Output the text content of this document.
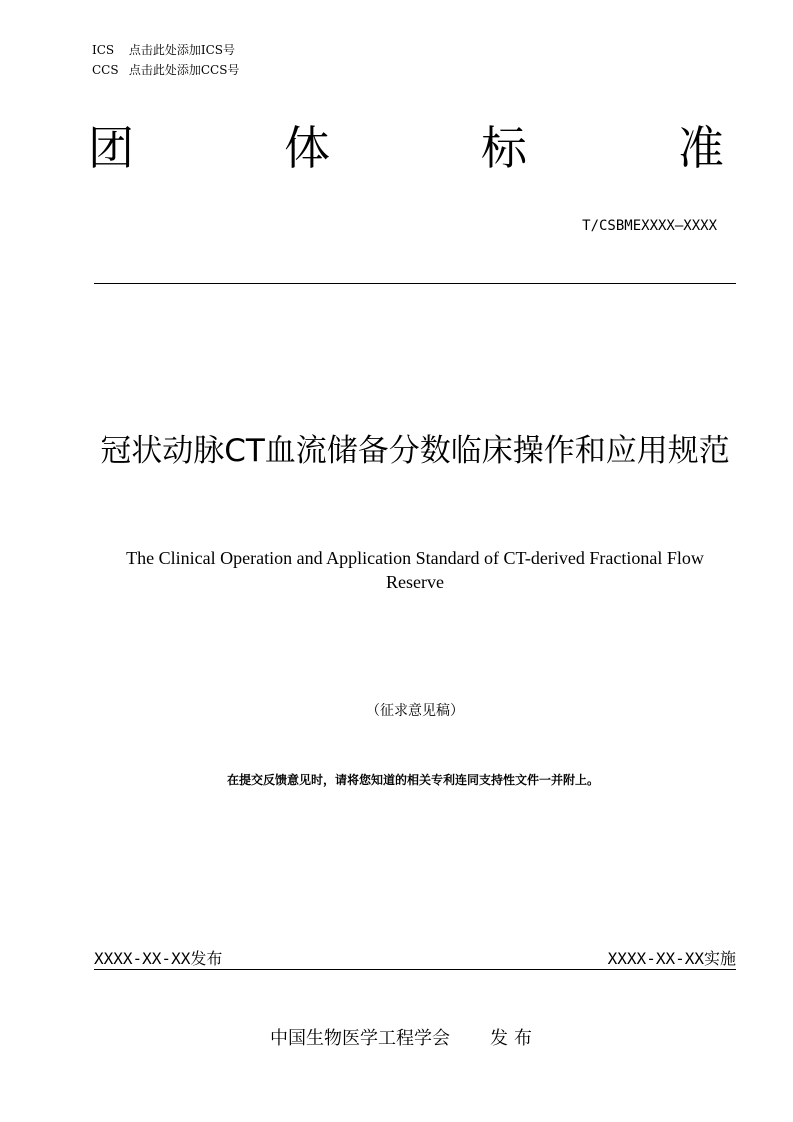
ICS 点击此处添加ICS号
CCS 点击此处添加CCS号
团	体	标	准
T/CSBMEXXXX—XXXX
冠状动脉CT血流储备分数临床操作和应用规范
The Clinical Operation and Application Standard of CT-derived Fractional Flow Reserve
（征求意见稿）
在提交反馈意见时，请将您知道的相关专利连同支持性文件一并附上。
XXXX-XX-XX发布	XXXX-XX-XX实施
中国生物医学工程学会 发布
